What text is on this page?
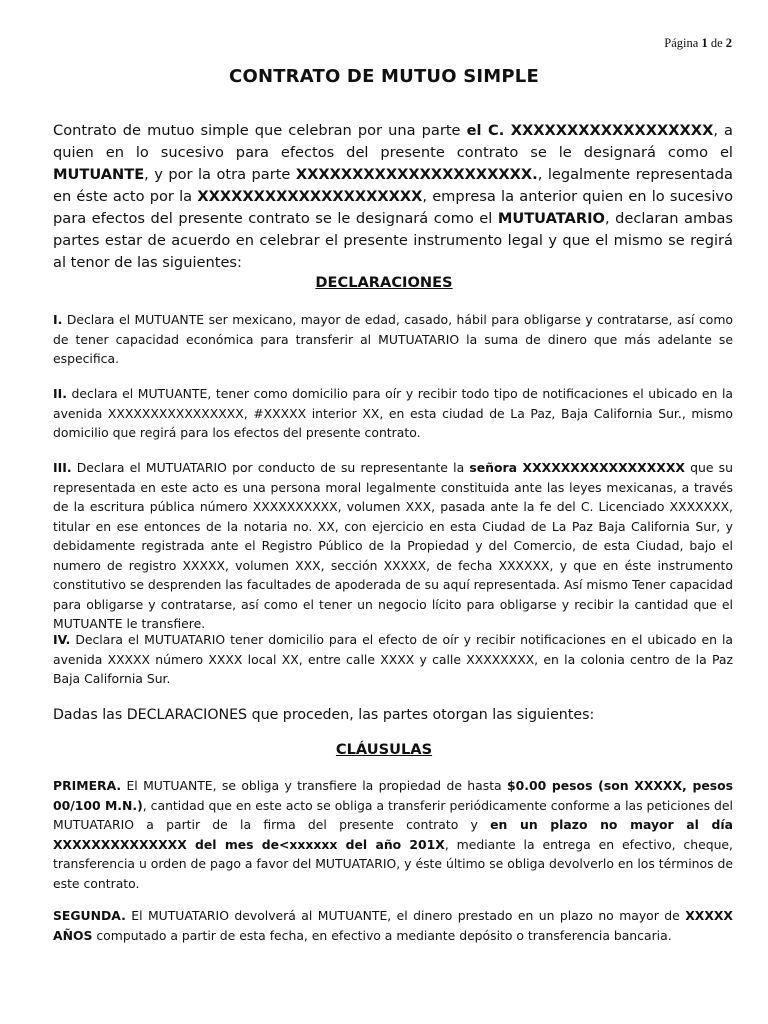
Página 1 de 2
CONTRATO DE MUTUO SIMPLE

Contrato de mutuo simple que celebran por una parte el C. XXXXXXXXXXXXXXXXXX, a quien en lo sucesivo para efectos del presente contrato se le designará como el MUTUANTE, y por la otra parte XXXXXXXXXXXXXXXXXXXXX., legalmente representada en éste acto por la XXXXXXXXXXXXXXXXXXXX, empresa la anterior quien en lo sucesivo para efectos del presente contrato se le designará como el MUTUATARIO, declaran ambas partes estar de acuerdo en celebrar el presente instrumento legal y que el mismo se regirá al tenor de las siguientes:

DECLARACIONES

I. Declara el MUTUANTE ser mexicano, mayor de edad, casado, hábil para obligarse y contratarse, así como de tener capacidad económica para transferir al MUTUATARIO la suma de dinero que más adelante se especifica.

II. declara el MUTUANTE, tener como domicilio para oír y recibir todo tipo de notificaciones el ubicado en la avenida XXXXXXXXXXXXXXXX, #XXXXX interior XX, en esta ciudad de La Paz, Baja California Sur., mismo domicilio que regirá para los efectos del presente contrato.

III. Declara el MUTUATARIO por conducto de su representante la señora XXXXXXXXXXXXXXXXX que su representada en este acto es una persona moral legalmente constituida ante las leyes mexicanas, a través de la escritura pública número XXXXXXXXXX, volumen XXX, pasada ante la fe del C. Licenciado XXXXXXX, titular en ese entonces de la notaria no. XX, con ejercicio en esta Ciudad de La Paz Baja California Sur, y debidamente registrada ante el Registro Público de la Propiedad y del Comercio, de esta Ciudad, bajo el numero de registro XXXXX, volumen XXX, sección XXXXX, de fecha XXXXXX, y que en éste instrumento constitutivo se desprenden las facultades de apoderada de su aquí representada. Así mismo Tener capacidad para obligarse y contratarse, así como el tener un negocio lícito para obligarse y recibir la cantidad que el MUTUANTE le transfiere.

IV. Declara el MUTUATARIO tener domicilio para el efecto de oír y recibir notificaciones en el ubicado en la avenida XXXXX número XXXX local XX, entre calle XXXX y calle XXXXXXXX, en la colonia centro de la Paz Baja California Sur.

Dadas las DECLARACIONES que proceden, las partes otorgan las siguientes:

CLÁUSULAS

PRIMERA. El MUTUANTE, se obliga y transfiere la propiedad de hasta $0.00 pesos (son XXXXX, pesos 00/100 M.N.), cantidad que en este acto se obliga a transferir periódicamente conforme a las peticiones del MUTUATARIO a partir de la firma del presente contrato y en un plazo no mayor al día XXXXXXXXXXXXXX del mes de<xxxxxx del año 201X, mediante la entrega en efectivo, cheque, transferencia u orden de pago a favor del MUTUATARIO, y éste último se obliga devolverlo en los términos de este contrato.

SEGUNDA. El MUTUATARIO devolverá al MUTUANTE, el dinero prestado en un plazo no mayor de XXXXX AÑOS computado a partir de esta fecha, en efectivo a mediante depósito o transferencia bancaria.
